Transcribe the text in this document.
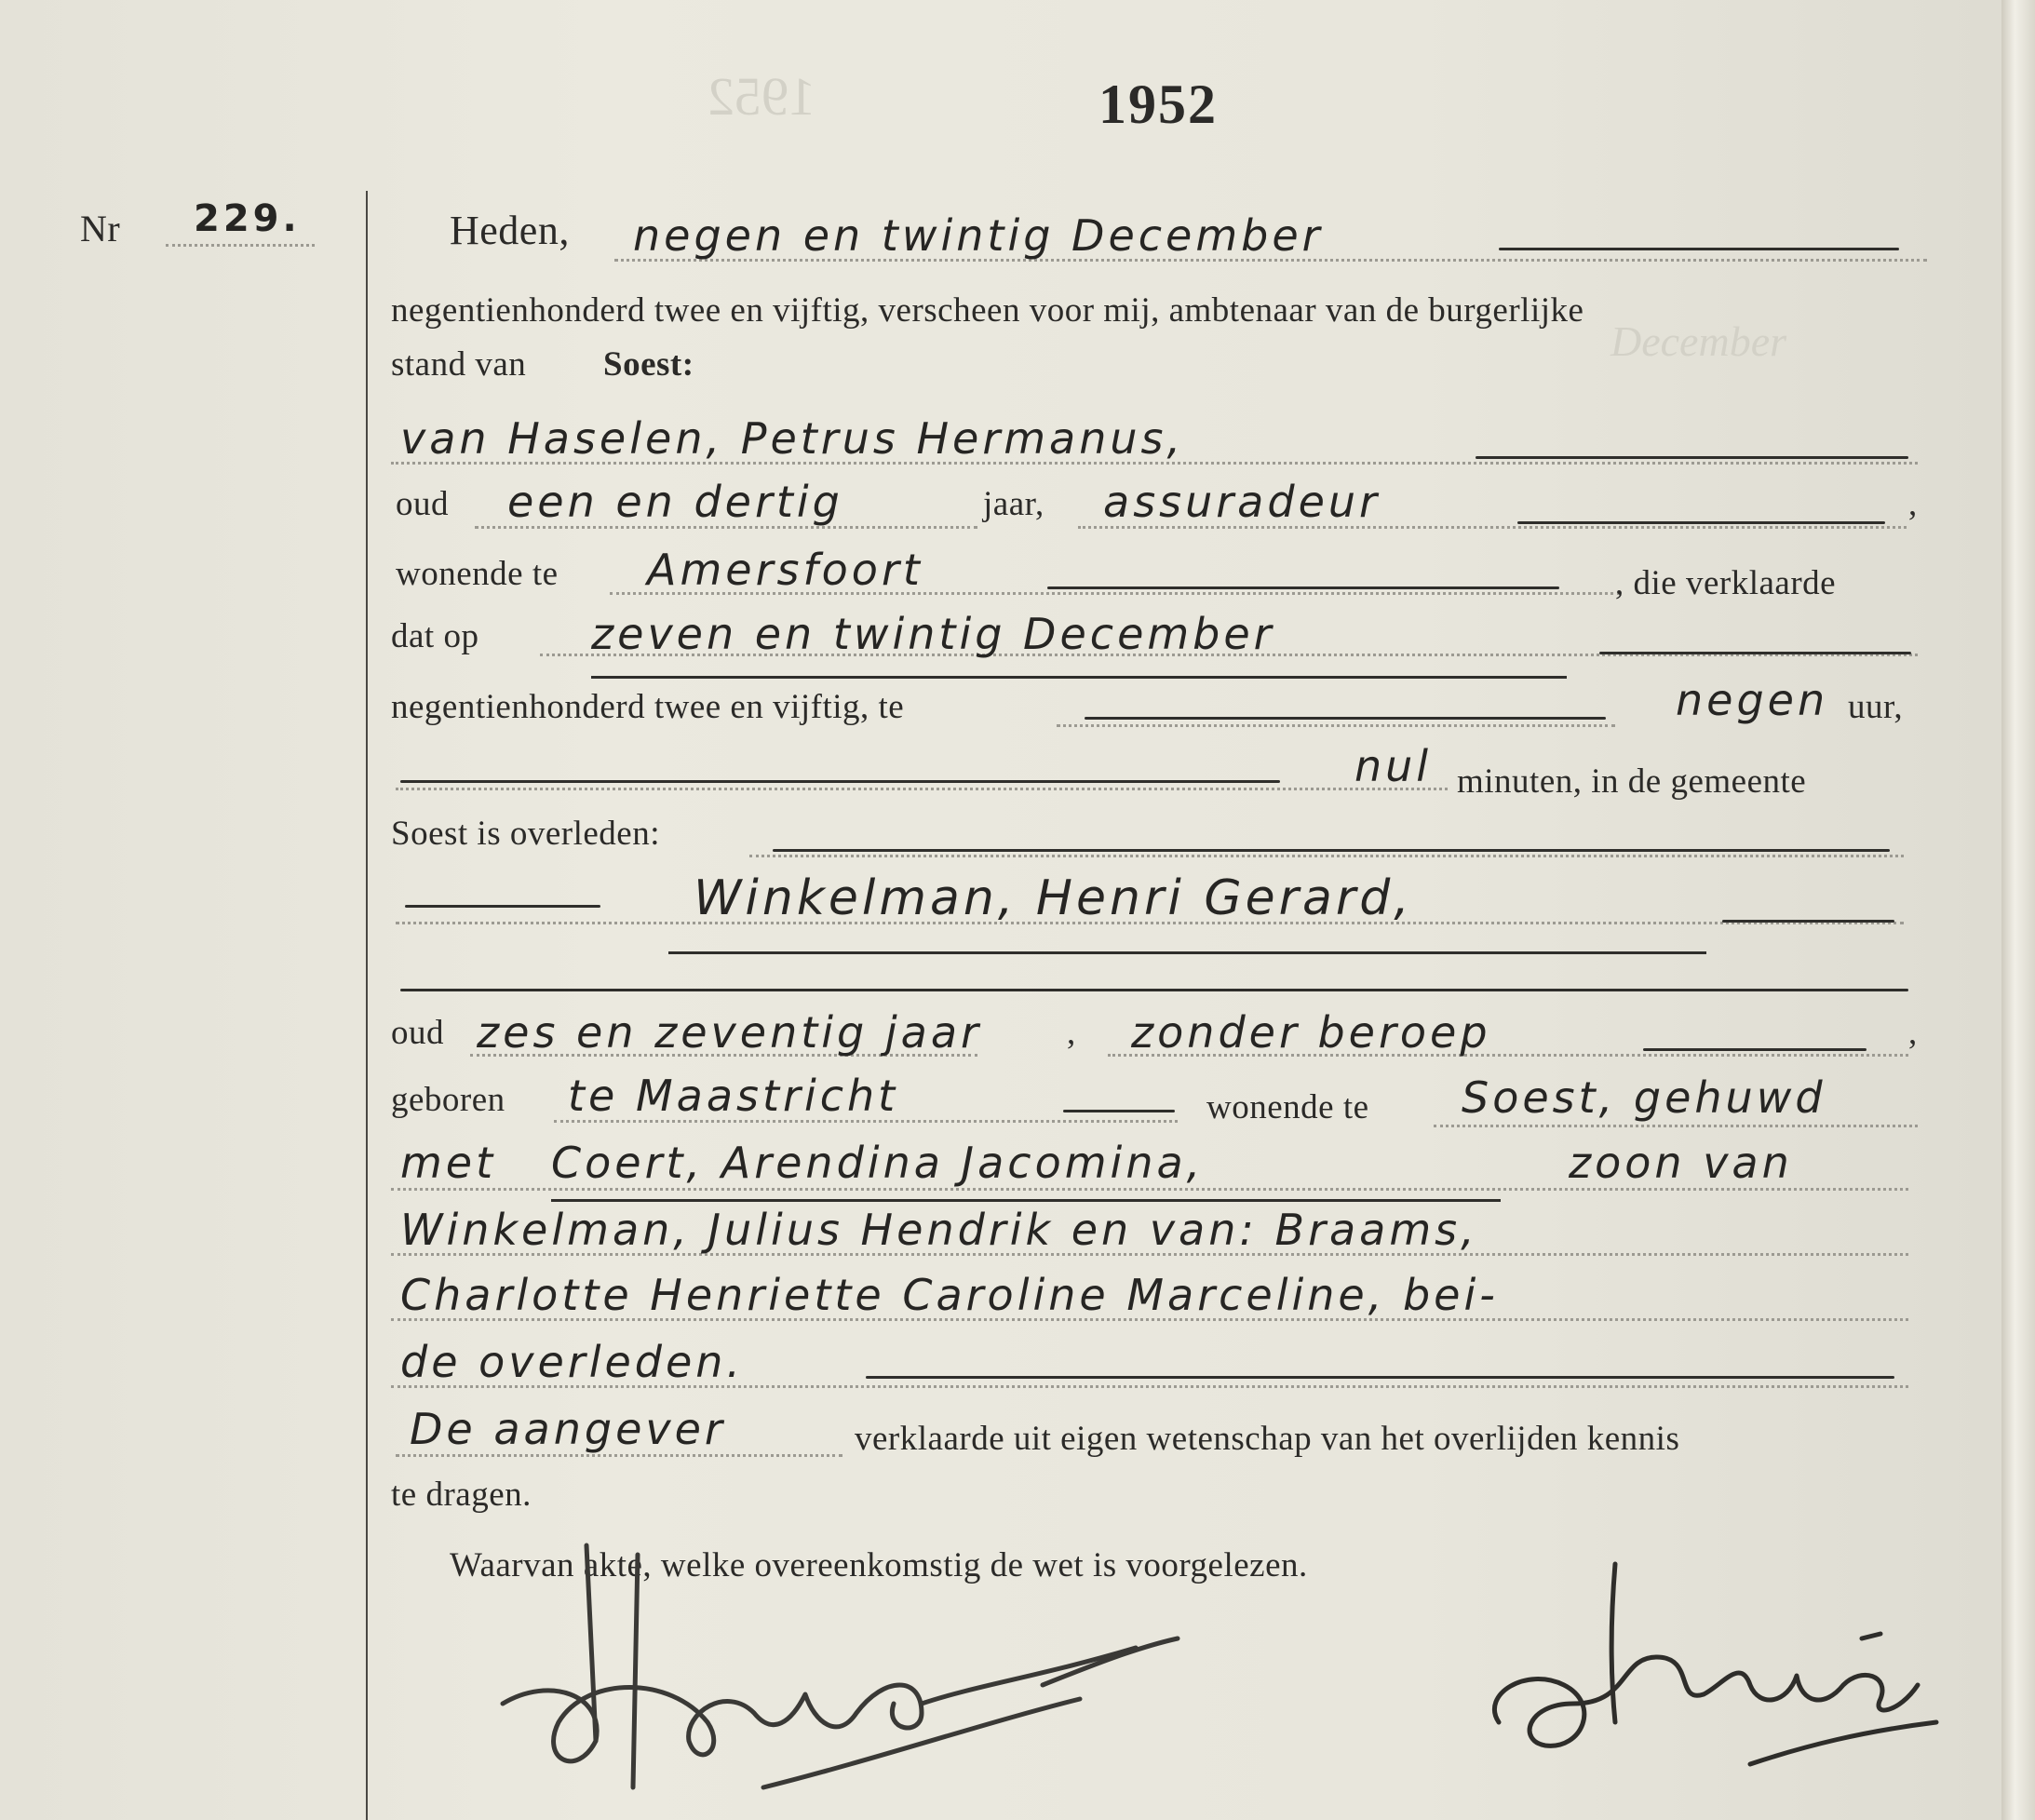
1952
December
1952
Nr 229.	Heden, negen en twintig December
negentienhonderd twee en vijftig, verscheen voor mij, ambtenaar van de burgerlijke
stand van Soest:
van Haselen, Petrus Hermanus,
oud een en dertig	jaar, assuradeur	,
wonende te Amersfoort	, die verklaarde
dat op	zeven en twintig December
negentienhonderd twee en vijftig, te	negen uur,
nul minuten, in de gemeente
Soest is overleden:
Winkelman, Henri Gerard,
oud zes en zeventig jaar , zonder beroep	,
geboren te Maastricht	wonende te Soest, gehuwd
met Coert, Arendina Jacomina,	zoon van
Winkelman, Julius Hendrik en van: Braams,
Charlotte Henriette Caroline Marceline, bei-
de overleden.
De aangever	verklaarde uit eigen wetenschap van het overlijden kennis
te dragen.
Waarvan akte, welke overeenkomstig de wet is voorgelezen.
